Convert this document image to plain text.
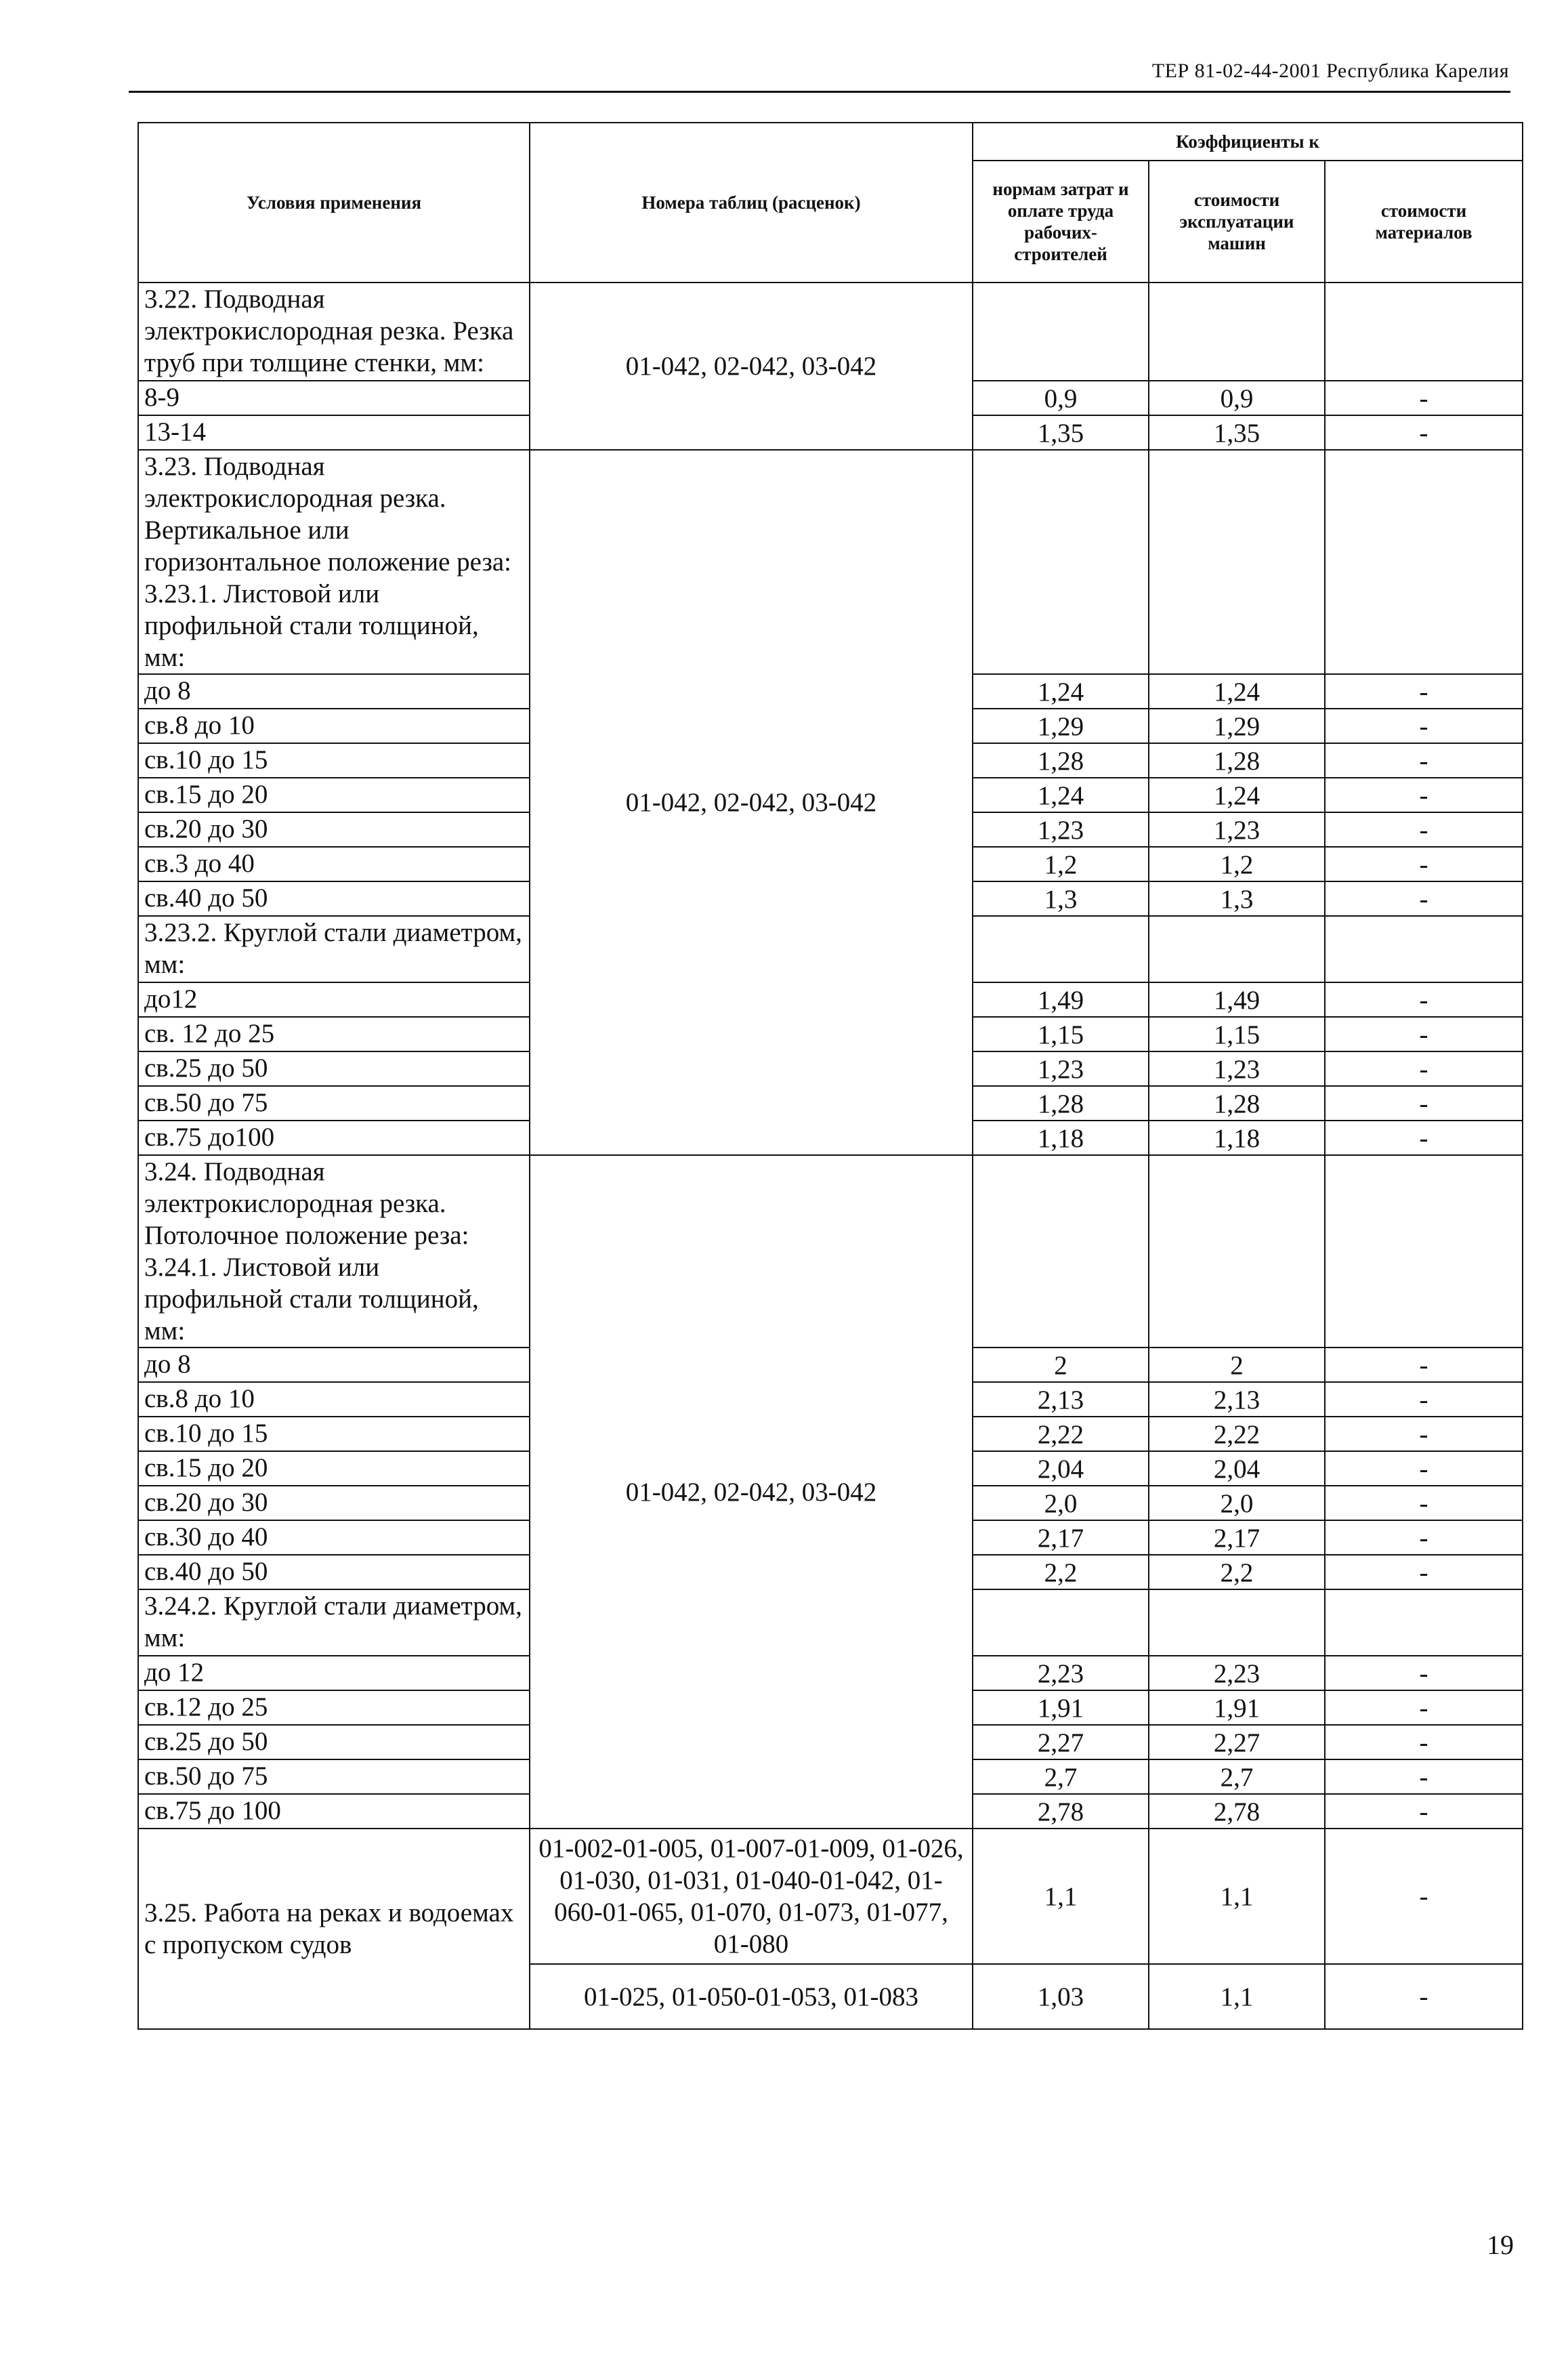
ТЕР 81-02-44-2001 Республика Карелия
Условия применения	Номера таблиц (расценок)	Коэффициенты к		
		нормам затрат и оплате труда рабочих-строителей	стоимости эксплуатации машин	стоимости материалов
3.22. Подводная электрокислородная резка. Резка труб при толщине стенки, мм:	01-042, 02-042, 03-042			
8-9		0,9	0,9	-
13-14		1,35	1,35	-
3.23. Подводная электрокислородная резка. Вертикальное или горизонтальное положение реза: 3.23.1. Листовой или профильной стали толщиной, мм:	01-042, 02-042, 03-042			
до 8		1,24	1,24	-
св.8 до 10		1,29	1,29	-
св.10 до 15		1,28	1,28	-
св.15 до 20		1,24	1,24	-
св.20 до 30		1,23	1,23	-
св.3 до 40		1,2	1,2	-
св.40 до 50		1,3	1,3	-
3.23.2. Круглой стали диаметром, мм:				
до12		1,49	1,49	-
св. 12 до 25		1,15	1,15	-
св.25 до 50		1,23	1,23	-
св.50 до 75		1,28	1,28	-
св.75 до100		1,18	1,18	-
3.24. Подводная электрокислородная резка. Потолочное положение реза: 3.24.1. Листовой или профильной стали толщиной, мм:	01-042, 02-042, 03-042			
до 8		2	2	-
св.8 до 10		2,13	2,13	-
св.10 до 15		2,22	2,22	-
св.15 до 20		2,04	2,04	-
св.20 до 30		2,0	2,0	-
св.30 до 40		2,17	2,17	-
св.40 до 50		2,2	2,2	-
3.24.2. Круглой стали диаметром, мм:				
до 12		2,23	2,23	-
св.12 до 25		1,91	1,91	-
св.25 до 50		2,27	2,27	-
св.50 до 75		2,7	2,7	-
св.75 до 100		2,78	2,78	-
3.25. Работа на реках и водоемах с пропуском судов	01-002-01-005, 01-007-01-009, 01-026, 01-030, 01-031, 01-040-01-042, 01-060-01-065, 01-070, 01-073, 01-077, 01-080	1,1	1,1	-
	01-025, 01-050-01-053, 01-083	1,03	1,1	-
19
